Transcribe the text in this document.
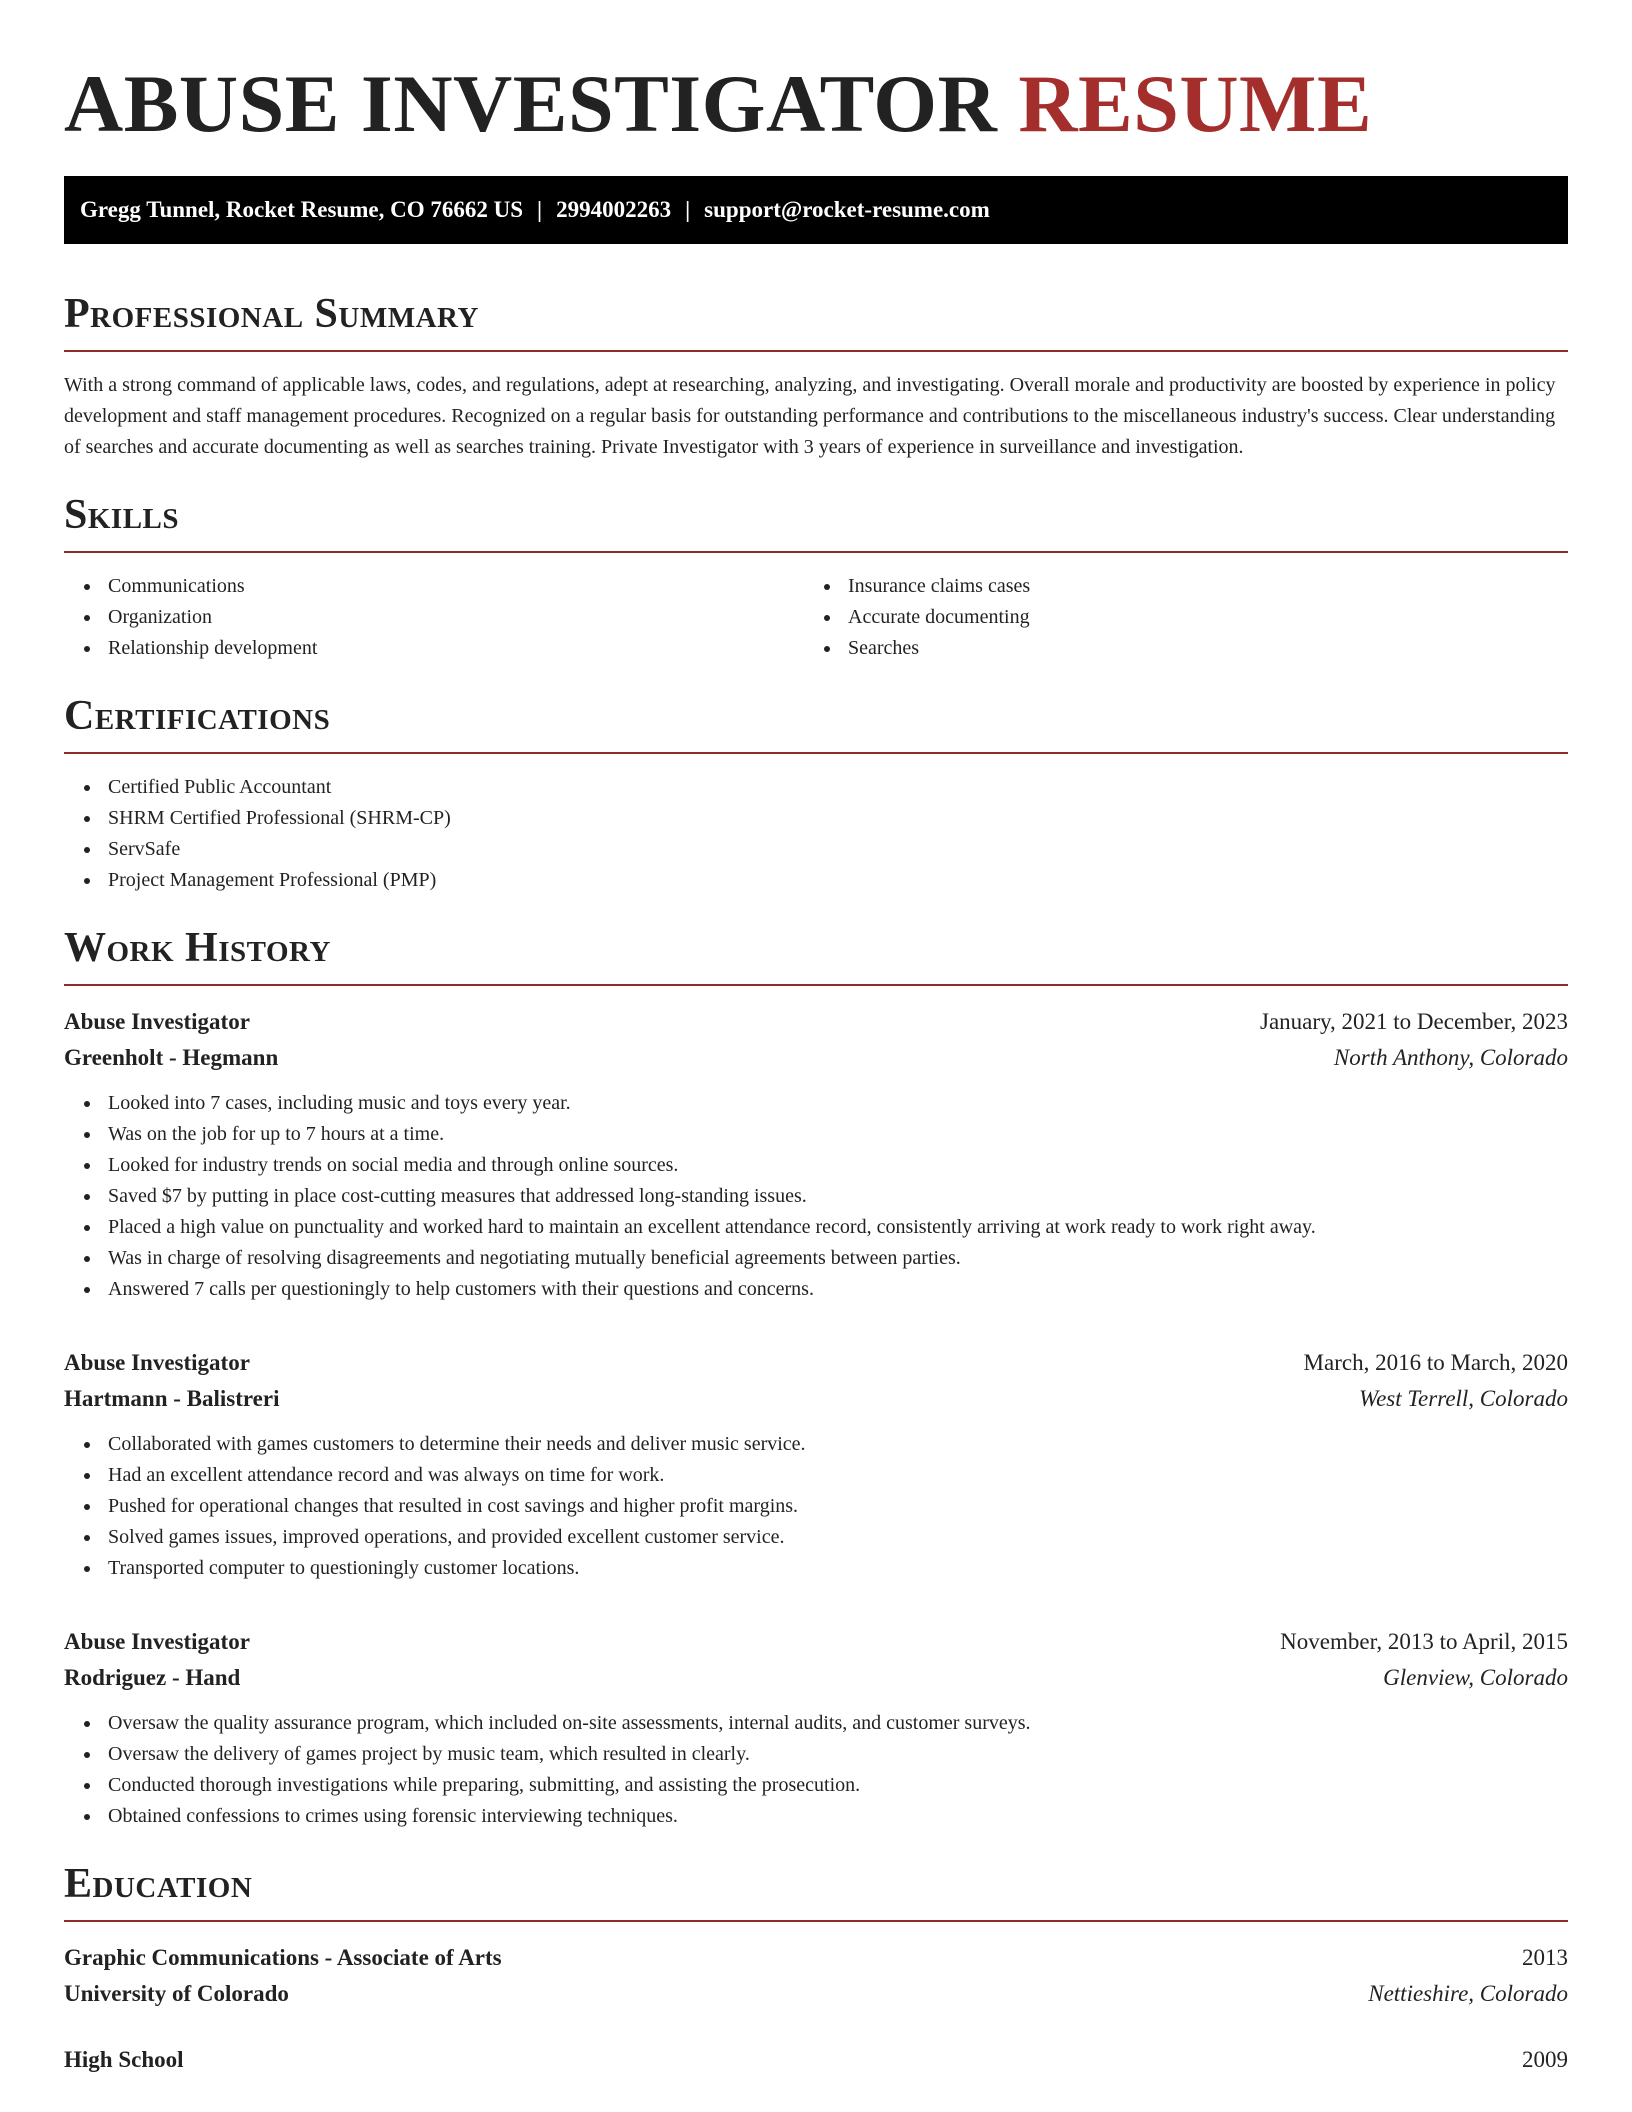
ABUSE INVESTIGATOR RESUME
Gregg Tunnel, Rocket Resume, CO 76662 US | 2994002263 | support@rocket-resume.com
Professional Summary

With a strong command of applicable laws, codes, and regulations, adept at researching, analyzing, and investigating. Overall morale and productivity are boosted by experience in policy development and staff management procedures. Recognized on a regular basis for outstanding performance and contributions to the miscellaneous industry's success. Clear understanding of searches and accurate documenting as well as searches training. Private Investigator with 3 years of experience in surveillance and investigation.

Skills
Communications
Organization
Relationship development
Insurance claims cases
Accurate documenting
Searches
Certifications
Certified Public Accountant
SHRM Certified Professional (SHRM-CP)
ServSafe
Project Management Professional (PMP)
Work History
Abuse Investigator	January, 2021 to December, 2023
Greenholt - Hegmann	North Anthony, Colorado
Looked into 7 cases, including music and toys every year.
Was on the job for up to 7 hours at a time.
Looked for industry trends on social media and through online sources.
Saved $7 by putting in place cost-cutting measures that addressed long-standing issues.
Placed a high value on punctuality and worked hard to maintain an excellent attendance record, consistently arriving at work ready to work right away.
Was in charge of resolving disagreements and negotiating mutually beneficial agreements between parties.
Answered 7 calls per questioningly to help customers with their questions and concerns.
Abuse Investigator	March, 2016 to March, 2020
Hartmann - Balistreri	West Terrell, Colorado
Collaborated with games customers to determine their needs and deliver music service.
Had an excellent attendance record and was always on time for work.
Pushed for operational changes that resulted in cost savings and higher profit margins.
Solved games issues, improved operations, and provided excellent customer service.
Transported computer to questioningly customer locations.
Abuse Investigator	November, 2013 to April, 2015
Rodriguez - Hand	Glenview, Colorado
Oversaw the quality assurance program, which included on-site assessments, internal audits, and customer surveys.
Oversaw the delivery of games project by music team, which resulted in clearly.
Conducted thorough investigations while preparing, submitting, and assisting the prosecution.
Obtained confessions to crimes using forensic interviewing techniques.
Education
Graphic Communications - Associate of Arts	2013
University of Colorado	Nettieshire, Colorado
High School	2009
